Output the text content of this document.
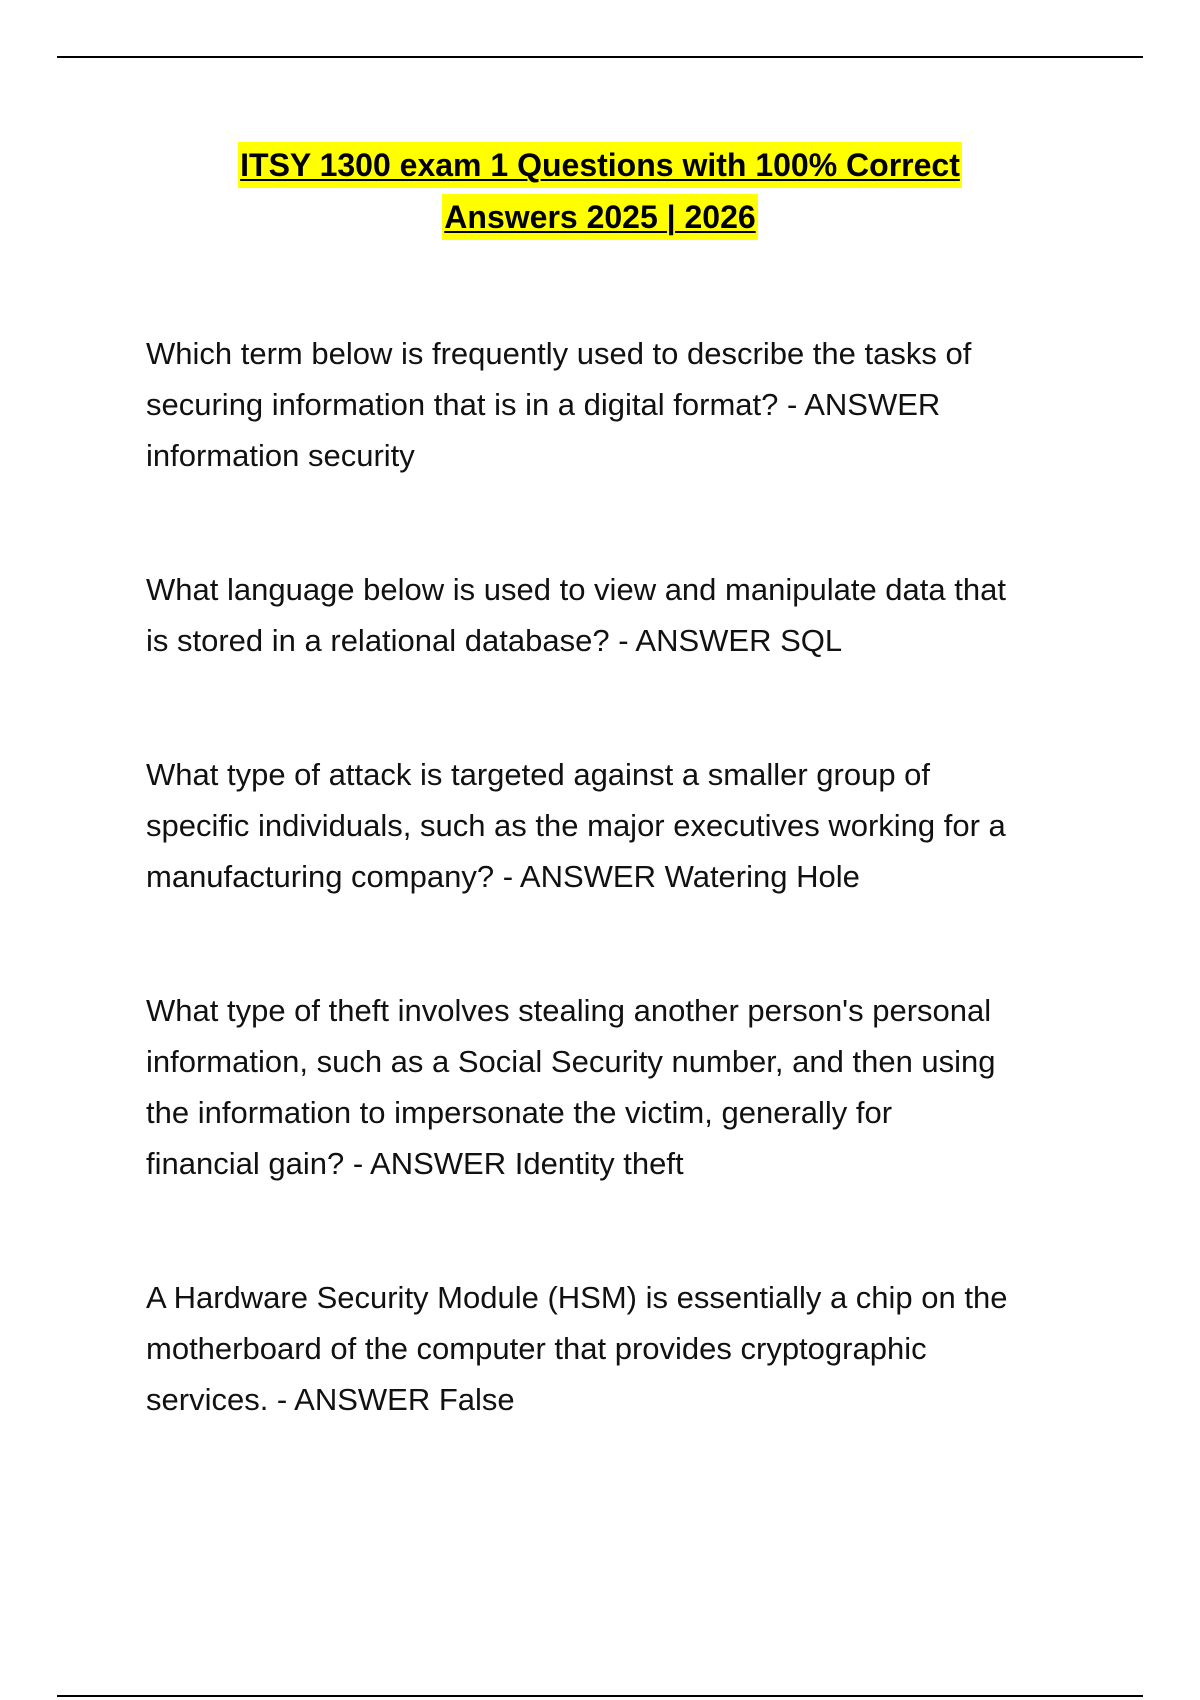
ITSY 1300 exam 1 Questions with 100% Correct
Answers 2025 | 2026

Which term below is frequently used to describe the tasks of
securing information that is in a digital format? - ANSWER
information security

What language below is used to view and manipulate data that
is stored in a relational database? - ANSWER SQL

What type of attack is targeted against a smaller group of
specific individuals, such as the major executives working for a
manufacturing company? - ANSWER Watering Hole

What type of theft involves stealing another person's personal
information, such as a Social Security number, and then using
the information to impersonate the victim, generally for
financial gain? - ANSWER Identity theft

A Hardware Security Module (HSM) is essentially a chip on the
motherboard of the computer that provides cryptographic
services. - ANSWER False
